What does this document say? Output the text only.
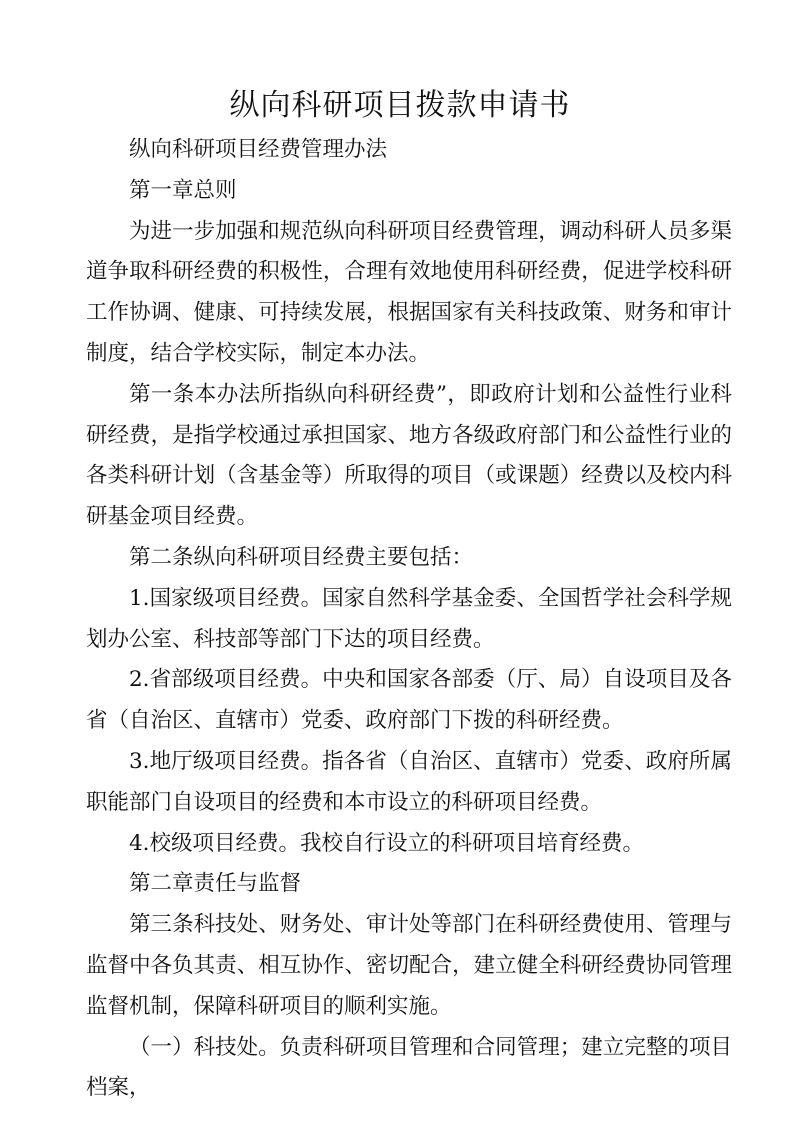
纵向科研项目拨款申请书

纵向科研项目经费管理办法

第一章总则

为进一步加强和规范纵向科研项目经费管理，调动科研人员多渠道争取科研经费的积极性，合理有效地使用科研经费，促进学校科研工作协调、健康、可持续发展，根据国家有关科技政策、财务和审计制度，结合学校实际，制定本办法。

第一条本办法所指纵向科研经费”，即政府计划和公益性行业科研经费，是指学校通过承担国家、地方各级政府部门和公益性行业的各类科研计划（含基金等）所取得的项目（或课题）经费以及校内科研基金项目经费。

第二条纵向科研项目经费主要包括：

1.国家级项目经费。国家自然科学基金委、全国哲学社会科学规划办公室、科技部等部门下达的项目经费。

2.省部级项目经费。中央和国家各部委（厅、局）自设项目及各省（自治区、直辖市）党委、政府部门下拨的科研经费。

3.地厅级项目经费。指各省（自治区、直辖市）党委、政府所属职能部门自设项目的经费和本市设立的科研项目经费。

4.校级项目经费。我校自行设立的科研项目培育经费。

第二章责任与监督

第三条科技处、财务处、审计处等部门在科研经费使用、管理与监督中各负其责、相互协作、密切配合，建立健全科研经费协同管理监督机制，保障科研项目的顺利实施。

（一）科技处。负责科研项目管理和合同管理；建立完整的项目档案，
